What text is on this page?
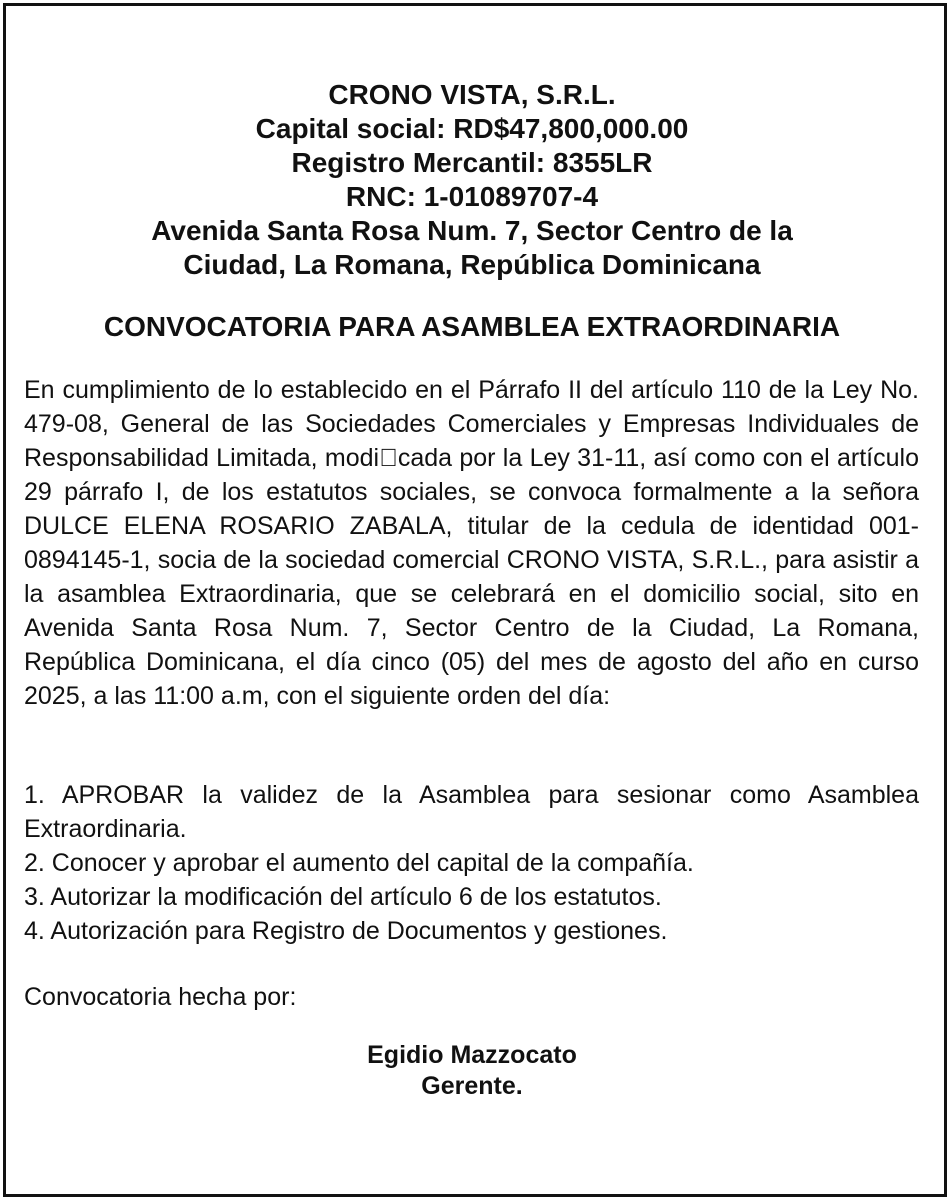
CRONO VISTA, S.R.L.
Capital social: RD$47,800,000.00
Registro Mercantil: 8355LR
RNC: 1-01089707-4
Avenida Santa Rosa Num. 7, Sector Centro de la
Ciudad, La Romana, República Dominicana
CONVOCATORIA PARA ASAMBLEA EXTRAORDINARIA
En cumplimiento de lo establecido en el Párrafo II del artículo 110 de la Ley No. 479-08, General de las Sociedades Comerciales y Empresas Individuales de Responsabilidad Limitada, modi cada por la Ley 31-11, así como con el artículo 29 párrafo I, de los estatutos sociales, se convoca formalmente a la señora DULCE ELENA ROSARIO ZABALA, titular de la cedula de identidad 001-0894145-1, socia de la sociedad comercial CRONO VISTA, S.R.L., para asistir a la asamblea Extraordinaria, que se celebrará en el domicilio social, sito en Avenida Santa Rosa Num. 7, Sector Centro de la Ciudad, La Romana, República Dominicana, el día cinco (05) del mes de agosto del año en curso 2025, a las 11:00 a.m, con el siguiente orden del día:
1. APROBAR la validez de la Asamblea para sesionar como Asamblea Extraordinaria.
2. Conocer y aprobar el aumento del capital de la compañía.
3. Autorizar la modificación del artículo 6 de los estatutos.
4. Autorización para Registro de Documentos y gestiones.
Convocatoria hecha por:
Egidio Mazzocato
Gerente.
